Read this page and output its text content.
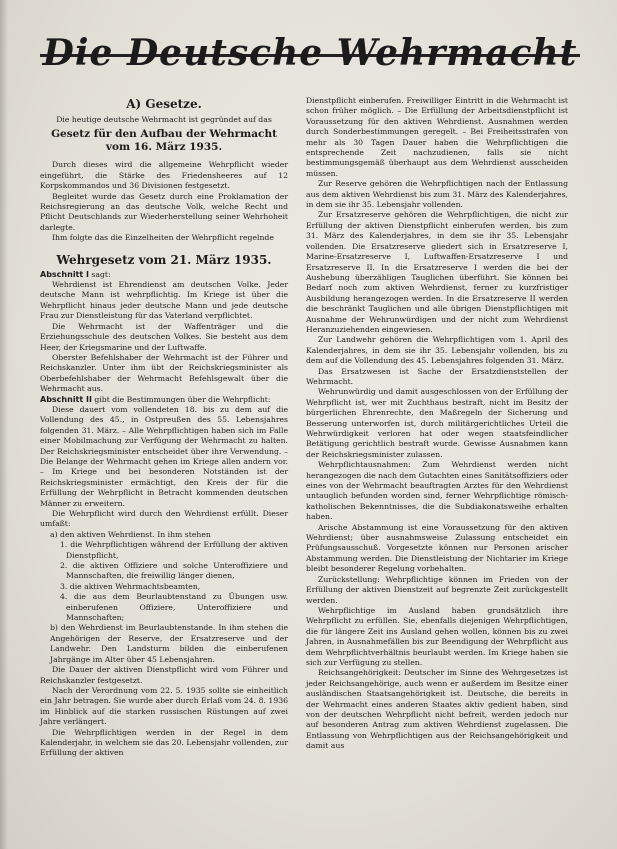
Die Deutsche Wehrmacht
A) Gesetze.

Die heutige deutsche Wehrmacht ist gegründet auf das

Gesetz für den Aufbau der Wehrmacht
vom 16. März 1935.

Durch dieses wird die allgemeine Wehrpflicht wieder eingeführt, die Stärke des Friedensheeres auf 12 Korpskommandos und 36 Divisionen festgesetzt.

Begleitet wurde das Gesetz durch eine Proklamation der Reichsregierung an das deutsche Volk, welche Recht und Pflicht Deutschlands zur Wiederherstellung seiner Wehrhoheit darlegte.

Ihm folgte das die Einzelheiten der Wehrpflicht regelnde

Wehrgesetz vom 21. März 1935.

Abschnitt I sagt:

Wehrdienst ist Ehrendienst am deutschen Volke. Jeder deutsche Mann ist wehrpflichtig. Im Kriege ist über die Wehrpflicht hinaus jeder deutsche Mann und jede deutsche Frau zur Dienstleistung für das Vaterland verpflichtet.

Die Wehrmacht ist der Waffenträger und die Erziehungsschule des deutschen Volkes. Sie besteht aus dem Heer, der Kriegsmarine und der Luftwaffe.

Oberster Befehlshaber der Wehrmacht ist der Führer und Reichskanzler. Unter ihm übt der Reichskriegsminister als Oberbefehlshaber der Wehrmacht Befehlsgewalt über die Wehrmacht aus.

Abschnitt II gibt die Bestimmungen über die Wehrpflicht:

Diese dauert vom vollendeten 18. bis zu dem auf die Vollendung des 45., in Ostpreußen des 55. Lebensjahres folgenden 31. März. – Alle Wehrpflichtigen haben sich im Falle einer Mobilmachung zur Verfügung der Wehrmacht zu halten. Der Reichskriegsminister entscheidet über ihre Verwendung. – Die Belange der Wehrmacht gehen im Kriege allen andern vor. – Im Kriege und bei besonderen Notständen ist der Reichskriegsminister ermächtigt, den Kreis der für die Erfüllung der Wehrpflicht in Betracht kommenden deutschen Männer zu erweitern.

Die Wehrpflicht wird durch den Wehrdienst erfüllt. Dieser umfaßt:

a) den aktiven Wehrdienst. In ihm stehen
1. die Wehrpflichtigen während der Erfüllung der aktiven Dienstpflicht,
2. die aktiven Offiziere und solche Unteroffiziere und Mannschaften, die freiwillig länger dienen,
3. die aktiven Wehrmachtsbeamten,
4. die aus dem Beurlaubtenstand zu Übungen usw. einberufenen Offiziere, Unteroffiziere und Mannschaften;
b) den Wehrdienst im Beurlaubtenstande. In ihm stehen die Angehörigen der Reserve, der Ersatzreserve und der Landwehr. Den Landsturm bilden die einberufenen Jahrgänge im Alter über 45 Lebensjahren.

Die Dauer der aktiven Dienstpflicht wird vom Führer und Reichskanzler festgesetzt.

Nach der Verordnung vom 22. 5. 1935 sollte sie einheitlich ein Jahr betragen. Sie wurde aber durch Erlaß vom 24. 8. 1936 im Hinblick auf die starken russischen Rüstungen auf zwei Jahre verlängert.

Die Wehrpflichtigen werden in der Regel in dem Kalenderjahr, in welchem sie das 20. Lebensjahr vollenden, zur Erfüllung der aktiven

Dienstpflicht einberufen. Freiwilliger Eintritt in die Wehrmacht ist schon früher möglich. – Die Erfüllung der Arbeitsdienstpflicht ist Voraussetzung für den aktiven Wehrdienst. Ausnahmen werden durch Sonderbestimmungen geregelt. – Bei Freiheitsstrafen von mehr als 30 Tagen Dauer haben die Wehrpflichtigen die entsprechende Zeit nachzudienen, falls sie nicht bestimmungsgemäß überhaupt aus dem Wehrdienst ausscheiden müssen.

Zur Reserve gehören die Wehrpflichtigen nach der Entlassung aus dem aktiven Wehrdienst bis zum 31. März des Kalenderjahres, in dem sie ihr 35. Lebensjahr vollenden.

Zur Ersatzreserve gehören die Wehrpflichtigen, die nicht zur Erfüllung der aktiven Dienstpflicht einberufen werden, bis zum 31. März des Kalenderjahres, in dem sie ihr 35. Lebensjahr vollenden. Die Ersatzreserve gliedert sich in Ersatzreserve I, Marine-Ersatzreserve I, Luftwaffen-Ersatzreserve I und Ersatzreserve II. In die Ersatzreserve I werden die bei der Aushebung überzähligen Tauglichen überführt. Sie können bei Bedarf noch zum aktiven Wehrdienst, ferner zu kurzfristiger Ausbildung herangezogen werden. In die Ersatzreserve II werden die beschränkt Tauglichen und alle übrigen Dienstpflichtigen mit Ausnahme der Wehrunwürdigen und der nicht zum Wehrdienst Heranzuziehenden eingewiesen.

Zur Landwehr gehören die Wehrpflichtigen vom 1. April des Kalenderjahres, in dem sie ihr 35. Lebensjahr vollenden, bis zu dem auf die Vollendung des 45. Lebensjahres folgenden 31. März.

Das Ersatzwesen ist Sache der Ersatzdienststellen der Wehrmacht.

Wehrunwürdig und damit ausgeschlossen von der Erfüllung der Wehrpflicht ist, wer mit Zuchthaus bestraft, nicht im Besitz der bürgerlichen Ehrenrechte, den Maßregeln der Sicherung und Besserung unterworfen ist, durch militärgerichtliches Urteil die Wehrwürdigkeit verloren hat oder wegen staatsfeindlicher Betätigung gerichtlich bestraft wurde. Gewisse Ausnahmen kann der Reichskriegsminister zulassen.

Wehrpflichtausnahmen: Zum Wehrdienst werden nicht herangezogen die nach dem Gutachten eines Sanitätsoffiziers oder eines von der Wehrmacht beauftragten Arztes für den Wehrdienst untauglich befunden worden sind, ferner Wehrpflichtige römisch-katholischen Bekenntnisses, die die Subdiakonatsweihe erhalten haben.

Arische Abstammung ist eine Voraussetzung für den aktiven Wehrdienst; über ausnahmsweise Zulassung entscheidet ein Prüfungsausschuß. Vorgesetzte können nur Personen arischer Abstammung werden. Die Dienstleistung der Nichtarier im Kriege bleibt besonderer Regelung vorbehalten.

Zurückstellung: Wehrpflichtige können im Frieden von der Erfüllung der aktiven Dienstzeit auf begrenzte Zeit zurückgestellt werden.

Wehrpflichtige im Ausland haben grundsätzlich ihre Wehrpflicht zu erfüllen. Sie, ebenfalls diejenigen Wehrpflichtigen, die für längere Zeit ins Ausland gehen wollen, können bis zu zwei Jahren, in Ausnahmefällen bis zur Beendigung der Wehrpflicht aus dem Wehrpflichtverhältnis beurlaubt werden. Im Kriege haben sie sich zur Verfügung zu stellen.

Reichsangehörigkeit: Deutscher im Sinne des Wehrgesetzes ist jeder Reichsangehörige, auch wenn er außerdem im Besitze einer ausländischen Staatsangehörigkeit ist. Deutsche, die bereits in der Wehrmacht eines anderen Staates aktiv gedient haben, sind von der deutschen Wehrpflicht nicht befreit, werden jedoch nur auf besonderen Antrag zum aktiven Wehrdienst zugelassen. Die Entlassung von Wehrpflichtigen aus der Reichsangehörigkeit und damit aus
